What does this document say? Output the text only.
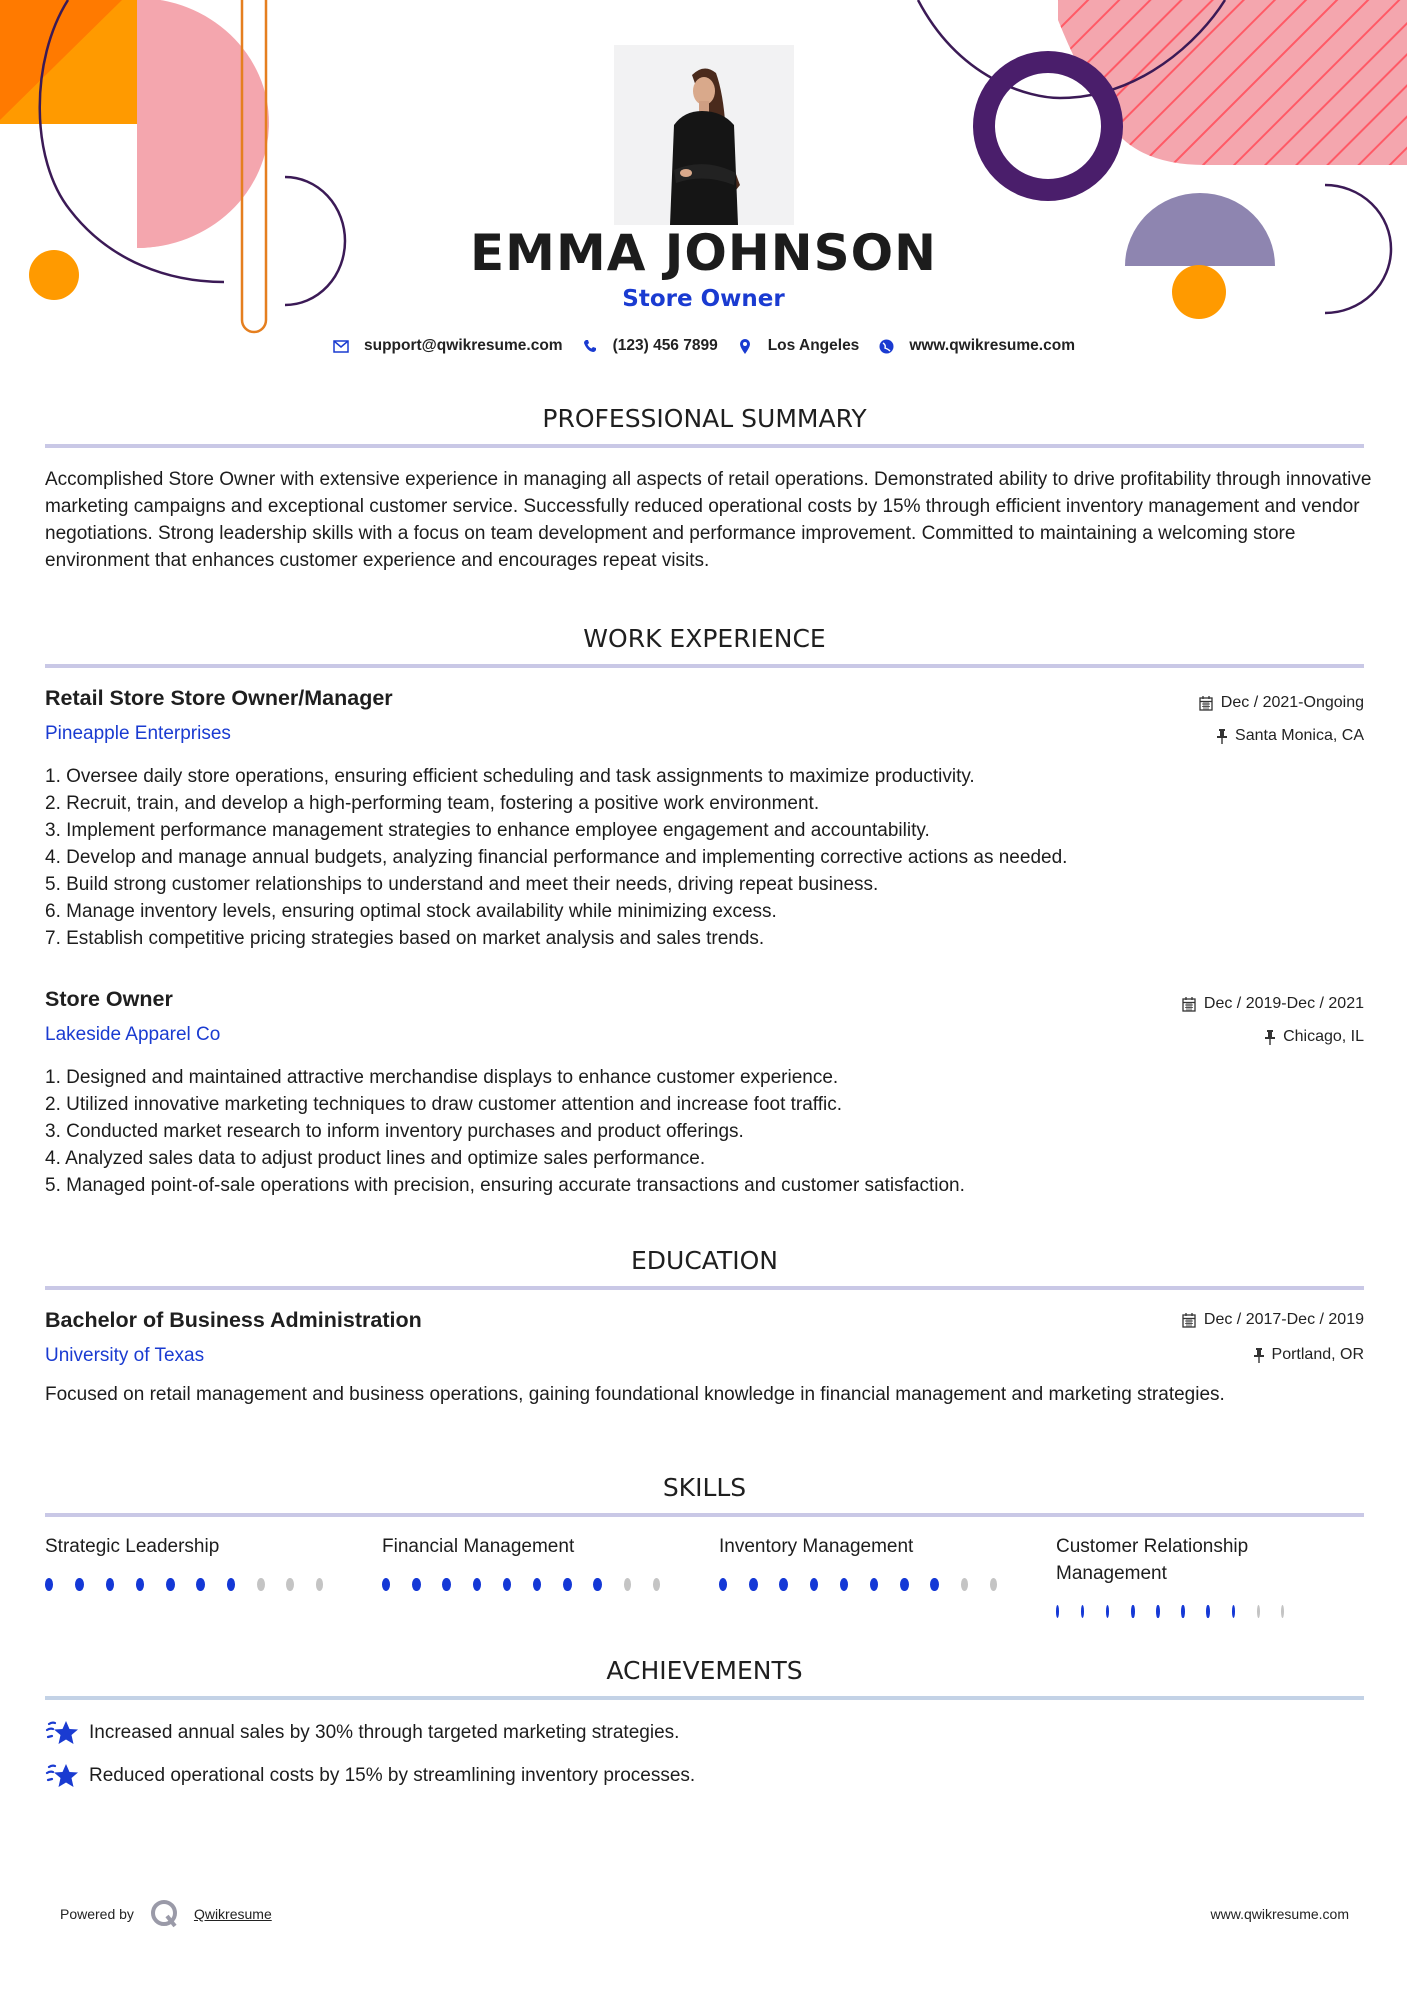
EMMA JOHNSON
Store Owner
support@qwikresume.com	(123) 456 7899	Los Angeles	www.qwikresume.com
PROFESSIONAL SUMMARY
Accomplished Store Owner with extensive experience in managing all aspects of retail operations. Demonstrated ability to drive profitability through innovative marketing campaigns and exceptional customer service. Successfully reduced operational costs by 15% through efficient inventory management and vendor negotiations. Strong leadership skills with a focus on team development and performance improvement. Committed to maintaining a welcoming store environment that enhances customer experience and encourages repeat visits.
WORK EXPERIENCE
Retail Store Store Owner/Manager
Pineapple Enterprises
Dec / 2021-Ongoing
Santa Monica, CA
1. Oversee daily store operations, ensuring efficient scheduling and task assignments to maximize productivity.
2. Recruit, train, and develop a high-performing team, fostering a positive work environment.
3. Implement performance management strategies to enhance employee engagement and accountability.
4. Develop and manage annual budgets, analyzing financial performance and implementing corrective actions as needed.
5. Build strong customer relationships to understand and meet their needs, driving repeat business.
6. Manage inventory levels, ensuring optimal stock availability while minimizing excess.
7. Establish competitive pricing strategies based on market analysis and sales trends.
Store Owner
Lakeside Apparel Co
Dec / 2019-Dec / 2021
Chicago, IL
1. Designed and maintained attractive merchandise displays to enhance customer experience.
2. Utilized innovative marketing techniques to draw customer attention and increase foot traffic.
3. Conducted market research to inform inventory purchases and product offerings.
4. Analyzed sales data to adjust product lines and optimize sales performance.
5. Managed point-of-sale operations with precision, ensuring accurate transactions and customer satisfaction.
EDUCATION
Bachelor of Business Administration
University of Texas
Dec / 2017-Dec / 2019
Portland, OR
Focused on retail management and business operations, gaining foundational knowledge in financial management and marketing strategies.
SKILLS
Strategic Leadership	Financial Management	Inventory Management	Customer Relationship Management
ACHIEVEMENTS
Increased annual sales by 30% through targeted marketing strategies.
Reduced operational costs by 15% by streamlining inventory processes.
Powered by	Qwikresume	www.qwikresume.com
